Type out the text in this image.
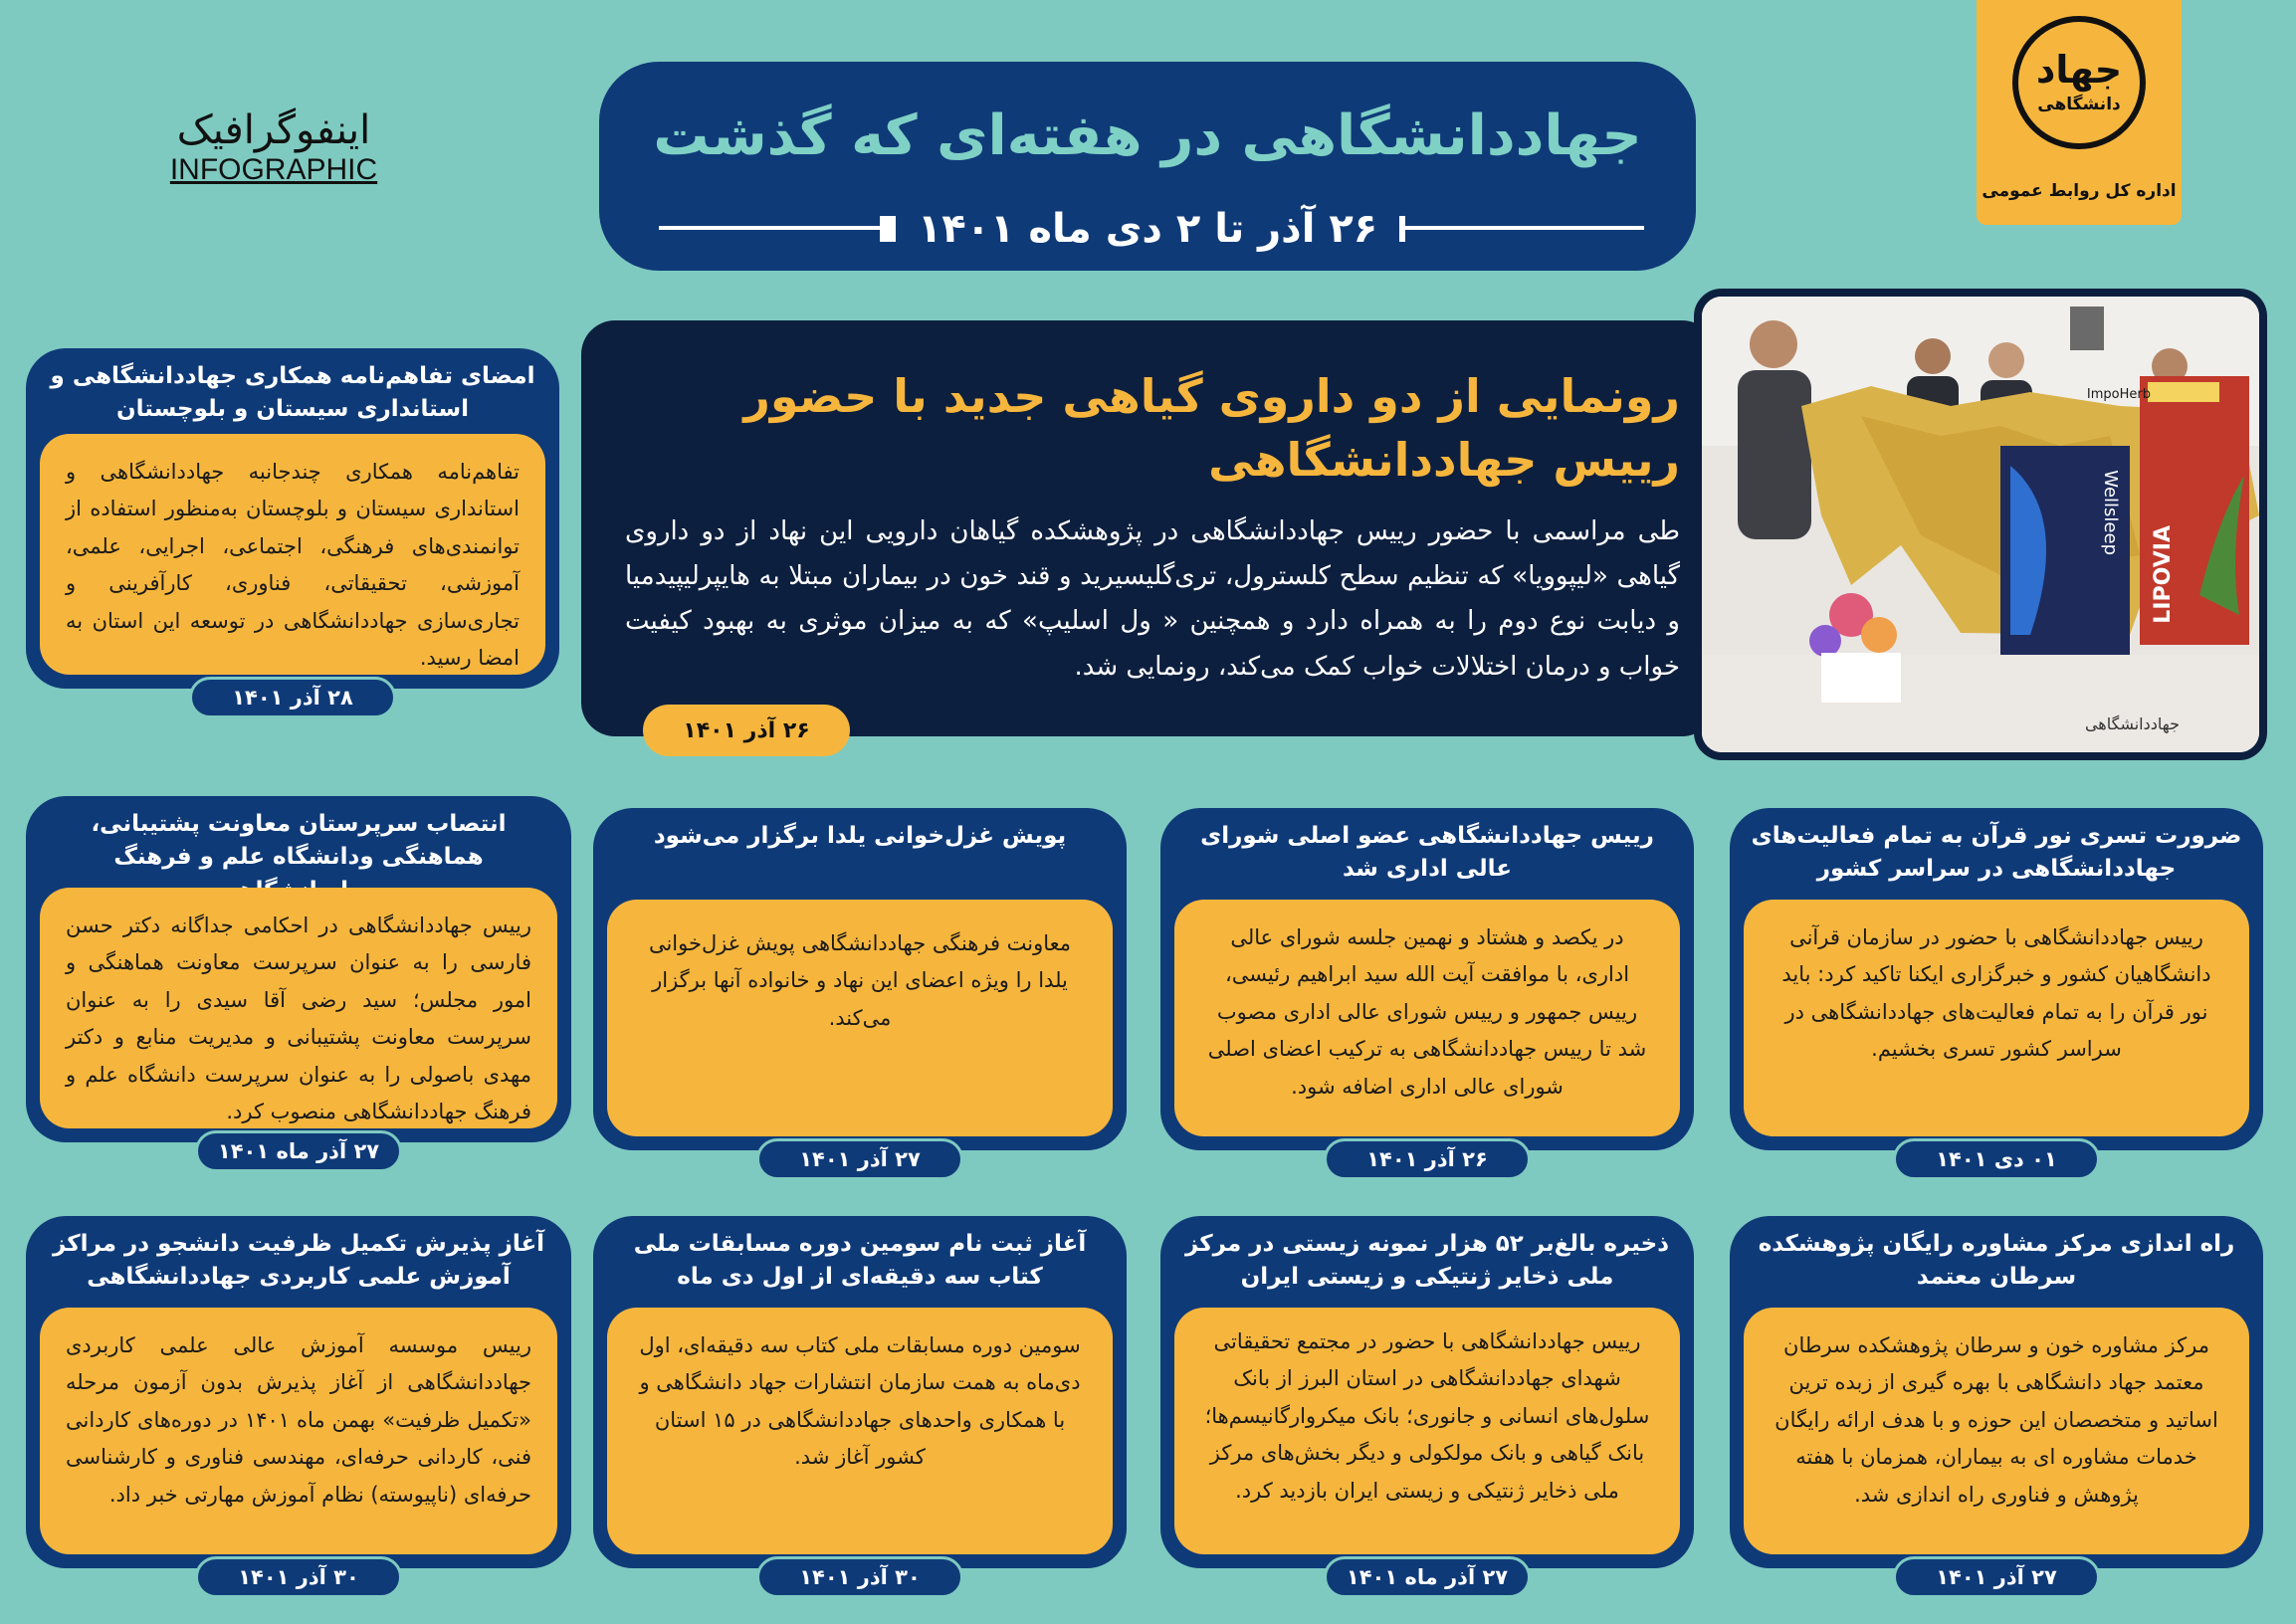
جهاد
دانشگاهی
اداره کل روابط عمومی
اینفوگرافیک
INFOGRAPHIC
جهاددانشگاهی در هفته‌ای که گذشت
۲۶ آذر تا ۲ دی ماه ۱۴۰۱
رونمایی از دو داروی گیاهی جدید با حضور رییس جهاددانشگاهی
طی مراسمی با حضور رییس جهاددانشگاهی در پژوهشکده گیاهان دارویی این نهاد از دو داروی گیاهی «لیپوویا» که تنظیم سطح کلسترول، تری‌گلیسیرید و قند خون در بیماران مبتلا به هایپرلیپیدمیا و دیابت نوع دوم را به همراه دارد و همچنین « ول اسلیپ» که به میزان موثری به بهبود کیفیت خواب و درمان اختلالات خواب کمک می‌کند، رونمایی شد.
۲۶ آذر ۱۴۰۱
Wellsleep
ImpoHerb
LIPOVIA
جهاددانشگاهی
امضای تفاهم‌نامه همکاری جهاددانشگاهی و استانداری سیستان و بلوچستان
تفاهم‌نامه همکاری چندجانبه جهاددانشگاهی و استانداری سیستان و بلوچستان به‌منظور استفاده از توانمندی‌های فرهنگی، اجتماعی، اجرایی، علمی، آموزشی، تحقیقاتی، فناوری، کارآفرینی و تجاری‌سازی جهاددانشگاهی در توسعه این استان به امضا رسید.
۲۸ آذر ۱۴۰۱
ضرورت تسری نور قرآن به تمام فعالیت‌های جهاددانشگاهی در سراسر کشور
رییس جهاددانشگاهی با حضور در سازمان قرآنی دانشگاهیان کشور و خبرگزاری ایکنا تاکید کرد: باید نور قرآن را به تمام فعالیت‌های جهاددانشگاهی در سراسر کشور تسری بخشیم.
۰۱ دی ۱۴۰۱
رییس جهاددانشگاهی عضو اصلی شورای عالی اداری شد
در یکصد و هشتاد و نهمین جلسه شورای عالی اداری، با موافقت آیت الله سید ابراهیم رئیسی، رییس جمهور و رییس شورای عالی اداری مصوب شد تا رییس جهاددانشگاهی به ترکیب اعضای اصلی شورای عالی اداری اضافه شود.
۲۶ آذر ۱۴۰۱
پویش غزل‌خوانی یلدا برگزار می‌شود
معاونت فرهنگی جهاددانشگاهی پویش غزل‌خوانی یلدا را ویژه اعضای این نهاد و خانواده آنها برگزار می‌کند.
۲۷ آذر ۱۴۰۱
انتصاب سرپرستان معاونت پشتیبانی، هماهنگی ودانشگاه علم و فرهنگ
رییس جهاددانشگاهی در احکامی جداگانه دکتر حسن فارسی را به عنوان سرپرست معاونت هماهنگی و امور مجلس؛ سید رضی آقا سیدی را به عنوان سرپرست معاونت پشتیبانی و مدیریت منابع و دکتر مهدی باصولی را به عنوان سرپرست دانشگاه علم و فرهنگ جهاددانشگاهی منصوب کرد.
۲۷ آذر ماه ۱۴۰۱
راه اندازی مرکز مشاوره رایگان پژوهشکده سرطان معتمد
مرکز مشاوره خون و سرطان پژوهشکده سرطان معتمد جهاد دانشگاهی با بهره گیری از زبده ترین اساتید و متخصصان این حوزه و با هدف ارائه رایگان خدمات مشاوره ای به بیماران، همزمان با هفته پژوهش و فناوری راه اندازی شد.
۲۷ آذر ۱۴۰۱
ذخیره بالغ‌بر ۵۲ هزار نمونه زیستی در مرکز ملی ذخایر ژنتیکی و زیستی ایران
رییس جهاددانشگاهی با حضور در مجتمع تحقیقاتی شهدای جهاددانشگاهی در استان البرز از بانک سلول‌های انسانی و جانوری؛ بانک میکروارگانیسم‌ها؛ بانک گیاهی و بانک مولکولی و دیگر بخش‌های مرکز ملی ذخایر ژنتیکی و زیستی ایران بازدید کرد.
۲۷ آذر ماه ۱۴۰۱
آغاز ثبت نام سومین دوره مسابقات ملی کتاب سه دقیقه‌ای از اول دی ماه
سومین دوره مسابقات ملی کتاب سه دقیقه‌ای، اول دی‌ماه به همت سازمان انتشارات جهاد دانشگاهی و با همکاری واحدهای جهاددانشگاهی در ۱۵ استان کشور آغاز شد.
۳۰ آذر ۱۴۰۱
آغاز پذیرش تکمیل ظرفیت دانشجو در مراکز آموزش علمی کاربردی جهاددانشگاهی
رییس موسسه آموزش عالی علمی کاربردی جهاددانشگاهی از آغاز پذیرش بدون آزمون مرحله «تکمیل ظرفیت» بهمن ماه ۱۴۰۱ در دوره‌های کاردانی فنی، کاردانی حرفه‌ای، مهندسی فناوری و کارشناسی حرفه‌ای (ناپیوسته) نظام آموزش مهارتی خبر داد.
۳۰ آذر ۱۴۰۱
